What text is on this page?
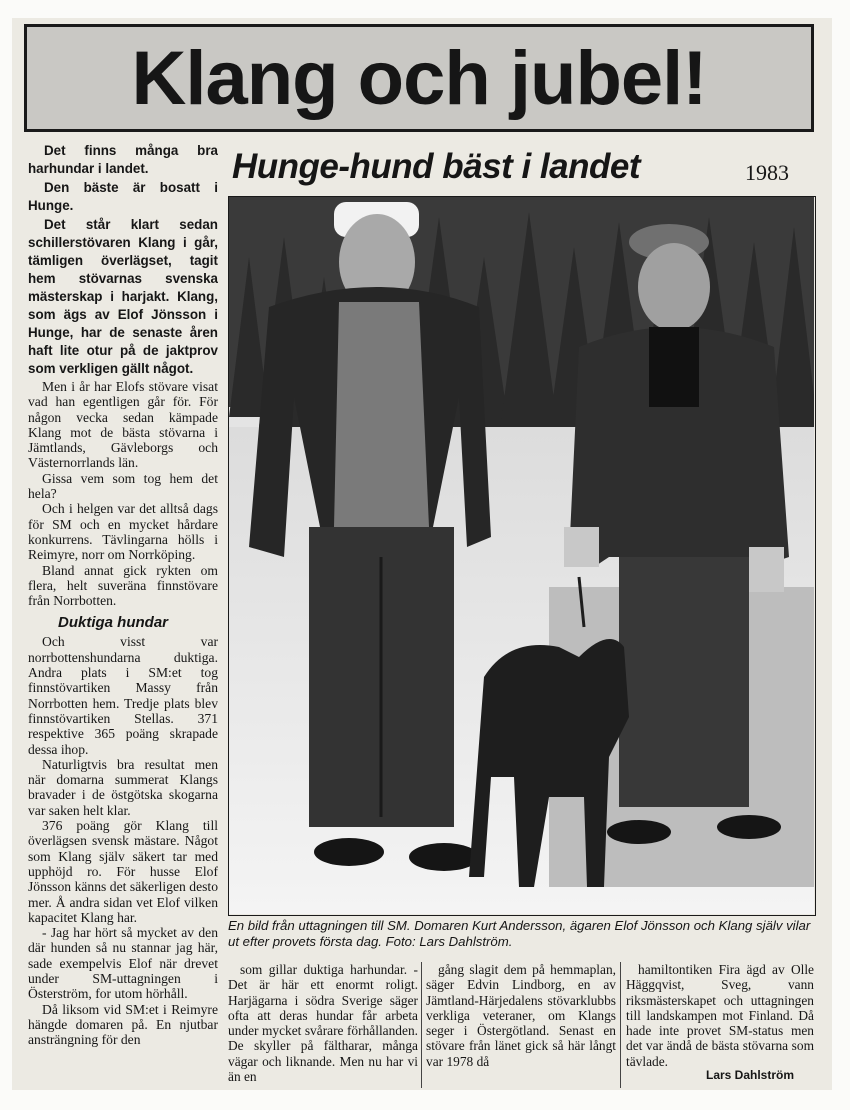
Klang och jubel!

Det finns många bra harhundar i landet.

Den bäste är bosatt i Hunge.

Det står klart sedan schillerstövaren Klang i går, tämligen överlägset, tagit hem stövarnas svenska mästerskap i harjakt. Klang, som ägs av Elof Jönsson i Hunge, har de senaste åren haft lite otur på de jaktprov som verkligen gällt något.

Men i år har Elofs stövare visat vad han egentligen går för. För någon vecka sedan kämpade Klang mot de bästa stövarna i Jämtlands, Gävleborgs och Västernorrlands län.

Gissa vem som tog hem det hela?

Och i helgen var det alltså dags för SM och en mycket hårdare konkurrens. Tävlingarna hölls i Reimyre, norr om Norrköping.

Bland annat gick rykten om flera, helt suveräna finnstövare från Norrbotten.

Duktiga hundar

Och visst var norrbottenshundarna duktiga. Andra plats i SM:et tog finnstövartiken Massy från Norrbotten hem. Tredje plats blev finnstövartiken Stellas. 371 respektive 365 poäng skrapade dessa ihop.

Naturligtvis bra resultat men när domarna summerat Klangs bravader i de östgötska skogarna var saken helt klar.

376 poäng gör Klang till överlägsen svensk mästare. Något som Klang själv säkert tar med upphöjd ro. För husse Elof Jönsson känns det säkerligen desto mer. Å andra sidan vet Elof vilken kapacitet Klang har.

- Jag har hört så mycket av den där hunden så nu stannar jag här, sade exempelvis Elof när drevet under SM-uttagningen i Österström, for utom hörhåll.

Då liksom vid SM:et i Reimyre hängde domaren på. En njutbar ansträngning för den

Hunge-hund bäst i landet	1983
En bild från uttagningen till SM. Domaren Kurt Andersson, ägaren Elof Jönsson och Klang själv vilar ut efter provets första dag. Foto: Lars Dahlström.

som gillar duktiga harhundar. - Det är här ett enormt roligt. Harjägarna i södra Sverige säger ofta att deras hundar får arbeta under mycket svårare förhållanden. De skyller på fältharar, många vägar och liknande. Men nu har vi än en

gång slagit dem på hemmaplan, säger Edvin Lindborg, en av Jämtland-Härjedalens stövarklubbs verkliga veteraner, om Klangs seger i Östergötland. Senast en stövare från länet gick så här långt var 1978 då

hamiltontiken Fira ägd av Olle Häggqvist, Sveg, vann riksmästerskapet och uttagningen till landskampen mot Finland. Då hade inte provet SM-status men det var ändå de bästa stövarna som tävlade.

Lars Dahlström
